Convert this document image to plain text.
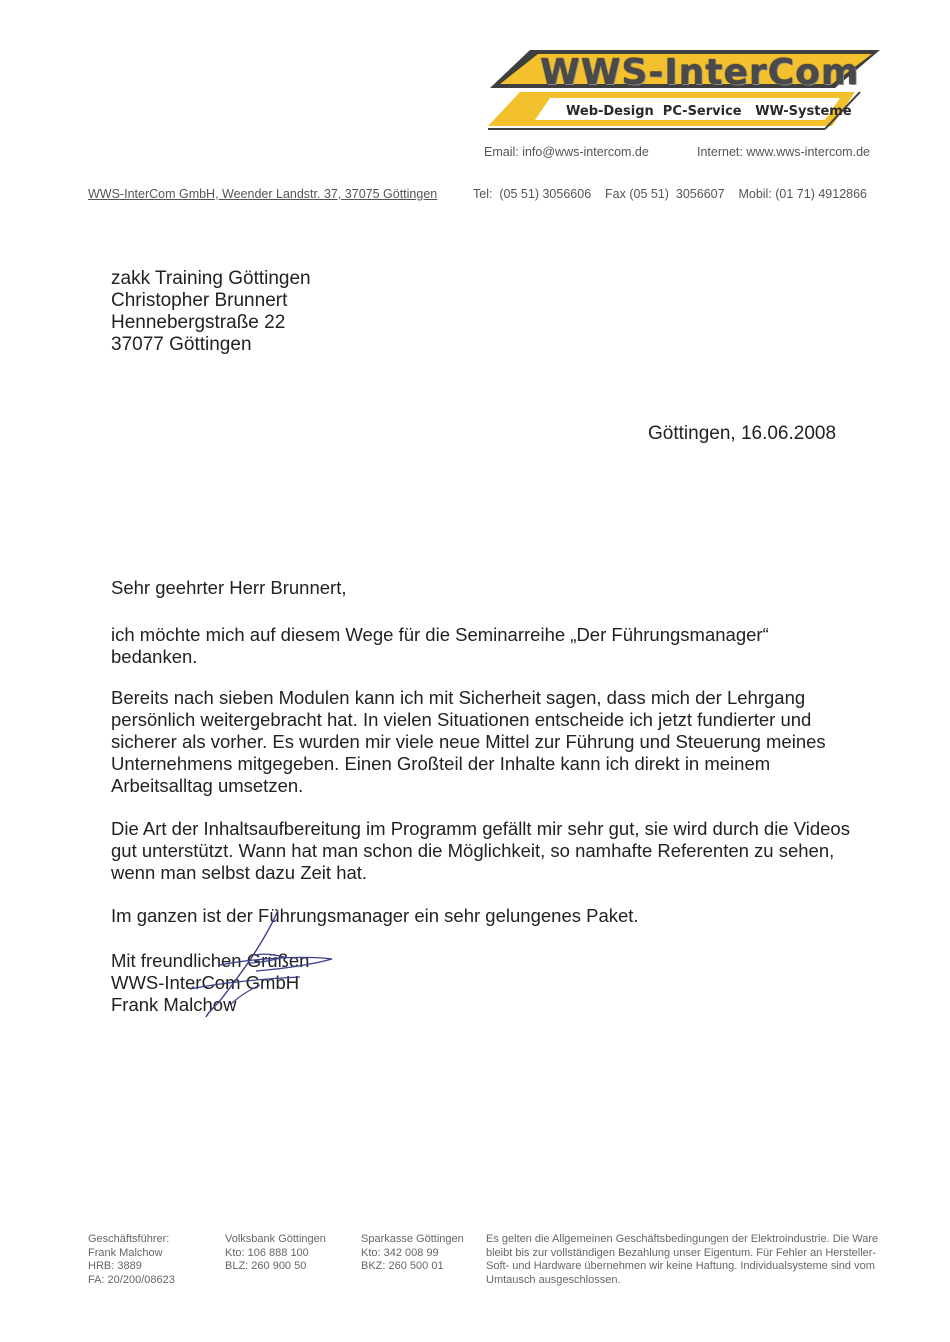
WWS-InterCom
Web-Design  PC-Service   WW-Systeme
Email: info@wws-intercom.de	Internet: www.wws-intercom.de
WWS-InterCom GmbH, Weender Landstr. 37, 37075 Göttingen	Tel:  (05 51) 3056606    Fax (05 51)  3056607    Mobil: (01 71) 4912866
zakk Training Göttingen
Christopher Brunnert
Hennebergstraße 22
37077 Göttingen
Göttingen, 16.06.2008
Sehr geehrter Herr Brunnert,
ich möchte mich auf diesem Wege für die Seminarreihe „Der Führungsmanager“ bedanken.
Bereits nach sieben Modulen kann ich mit Sicherheit sagen, dass mich der Lehrgang persönlich weitergebracht hat. In vielen Situationen entscheide ich jetzt fundierter und sicherer als vorher. Es wurden mir viele neue Mittel zur Führung und Steuerung meines Unternehmens mitgegeben. Einen Großteil der Inhalte kann ich direkt in meinem Arbeitsalltag umsetzen.
Die Art der Inhaltsaufbereitung im Programm gefällt mir sehr gut, sie wird durch die Videos gut unterstützt. Wann hat man schon die Möglichkeit, so namhafte Referenten zu sehen, wenn man selbst dazu Zeit hat.
Im ganzen ist der Führungsmanager ein sehr gelungenes Paket.
Mit freundlichen Grüßen
WWS-InterCom GmbH
Frank Malchow
Geschäftsführer:
Frank Malchow
HRB: 3889
FA: 20/200/08623
Volksbank Göttingen
Kto: 106 888 100
BLZ: 260 900 50
Sparkasse Göttingen
Kto: 342 008 99
BKZ: 260 500 01
Es gelten die Allgemeinen Geschäftsbedingungen der Elektroindustrie. Die Ware bleibt bis zur vollständigen Bezahlung unser Eigentum. Für Fehler an Hersteller-Soft- und Hardware übernehmen wir keine Haftung. Individualsysteme sind vom Umtausch ausgeschlossen.
